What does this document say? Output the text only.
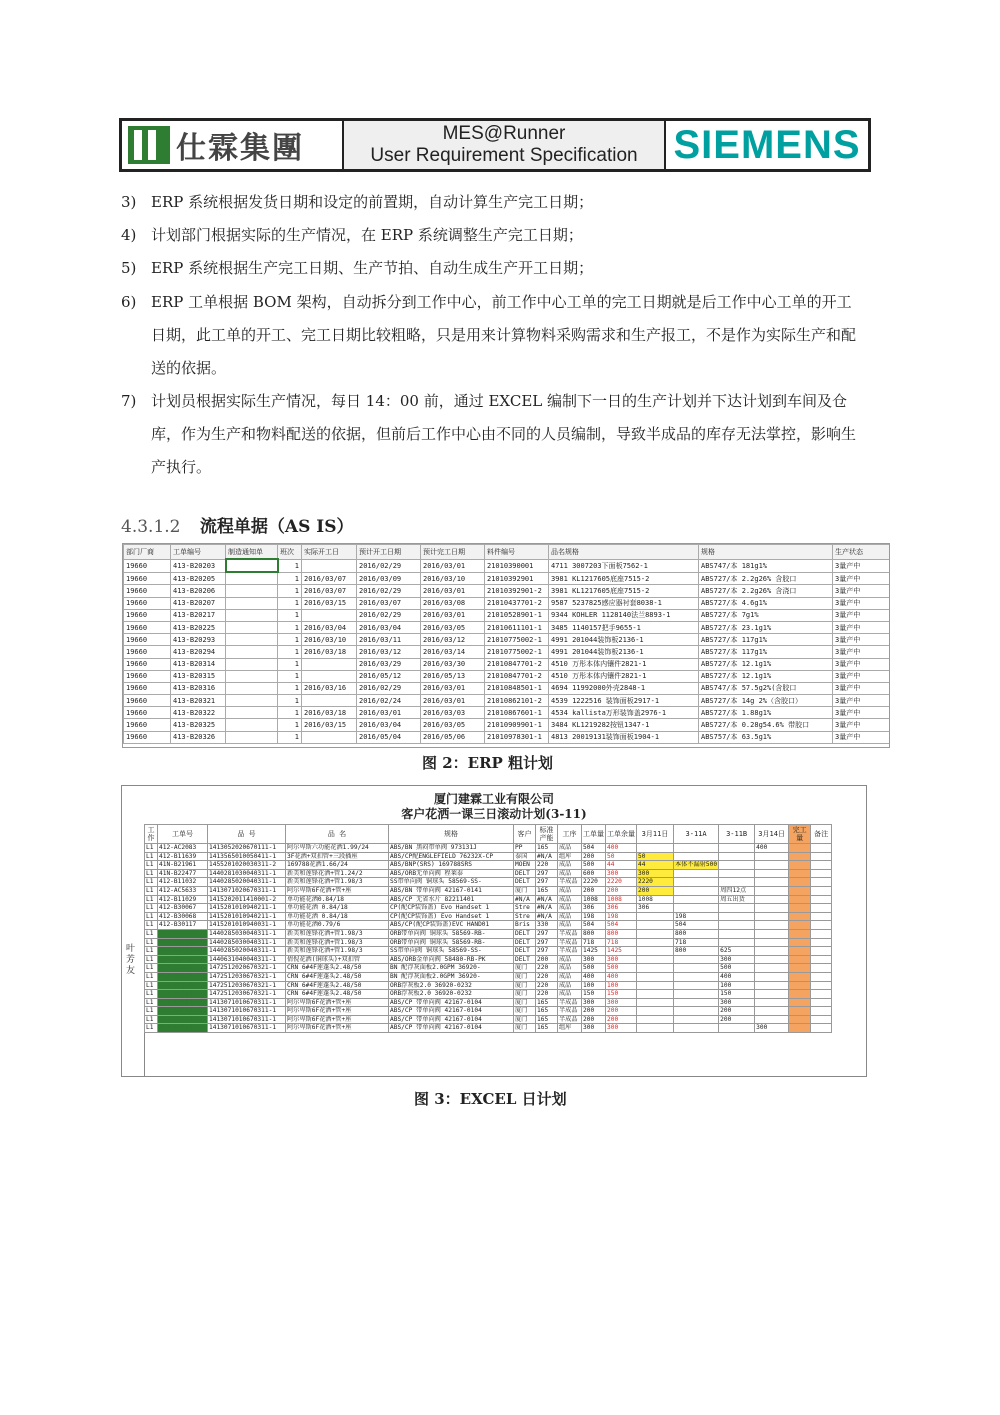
仕霖集團	MES@Runner
User Requirement Specification SIEMENS
3) ERP 系统根据发货日期和设定的前置期，自动计算生产完工日期；
4) 计划部门根据实际的生产情况，在 ERP 系统调整生产完工日期；
5) ERP 系统根据生产完工日期、生产节拍、自动生成生产开工日期；
6) ERP 工单根据 BOM 架构，自动拆分到工作中心，前工作中心工单的完工日期就是后工作中心工单的开工日期，此工单的开工、完工日期比较粗略，只是用来计算物料采购需求和生产报工，不是作为实际生产和配送的依据。
7) 计划员根据实际生产情况，每日 14：00 前，通过 EXCEL 编制下一日的生产计划并下达计划到车间及仓库，作为生产和物料配送的依据，但前后工作中心由不同的人员编制，导致半成品的库存无法掌控，影响生产执行。
4.3.1.2 流程单据（AS IS）
部门厂商	工单编号	制造通知单	班次	实际开工日	预计开工日期	预计完工日期	料件编号	品名规格	规格	生产状态
19660	413-B20203		1		2016/02/29	2016/03/01	21010390001	4711 3007203下面板7562-1	ABS747/本 181g1%	3量产中
19660	413-B20205		1	2016/03/07	2016/03/09	2016/03/10	21010392901	3981 KL1217605底座7515-2	ABS727/本 2.2g26% 含胶口	3量产中
19660	413-B20206		1	2016/03/07	2016/02/29	2016/03/01	21010392901-2	3981 KL1217605底座7515-2	ABS727/本 2.2g26% 含浇口	3量产中
19660	413-B20207		1	2016/03/15	2016/03/07	2016/03/08	21010437701-2	9587 5237825感应器衬套8038-1	ABS727/本 4.6g1%	3量产中
19660	413-B20217		1		2016/02/29	2016/03/01	21010528901-1	9344 KOHLER 1128140法兰8893-1	ABS727/本 7g1%	3量产中
19660	413-B20225		1	2016/03/04	2016/03/04	2016/03/05	21010611101-1	3485 1140157把手9655-1	ABS727/本 23.1g1%	3量产中
19660	413-B20293		1	2016/03/10	2016/03/11	2016/03/12	21010775002-1	4991 201044装饰板2136-1	ABS727/本 117g1%	3量产中
19660	413-B20294		1	2016/03/18	2016/03/12	2016/03/14	21010775002-1	4991 201044装饰板2136-1	ABS727/本 117g1%	3量产中
19660	413-B20314		1		2016/03/29	2016/03/30	21010847701-2	4510 万彤本体内镶件2821-1	ABS727/本 12.1g1%	3量产中
19660	413-B20315		1		2016/05/12	2016/05/13	21010847701-2	4510 万彤本体内镶件2821-1	ABS727/本 12.1g1%	3量产中
19660	413-B20316		1	2016/03/16	2016/02/29	2016/03/01	21010848501-1	4694 11992000外壳2848-1	ABS747/本 57.5g2%(含胶口	3量产中
19660	413-B20321		1		2016/02/24	2016/03/01	21010862101-2	4539 1222516 装饰面板2917-1	ABS727/本 14g 2%（含胶口）	3量产中
19660	413-B20322		1	2016/03/18	2016/03/01	2016/03/03	21010867601-1	4534 kallista万形装饰盖2976-1	ABS727/本 1.88g1%	3量产中
19660	413-B20325		1	2016/03/15	2016/03/04	2016/03/05	21010909901-1	3484 KL1219282按钮1347-1	ABS727/本 0.28g54.6% 带胶口	3量产中
19660	413-B20326		1		2016/05/04	2016/05/06	21010978301-1	4813 20019131装饰面板1904-1	ABS757/本 63.5g1%	3量产中
图 2：ERP 粗计划
厦门建霖工业有限公司
客户花洒一课三日滚动计划(3-11)
叶芳友
工作	工单号	品 号	品 名	规格	客户	标准产能	工序	工单量	工单余量	3月11日	3-11A	3-11B	3月14日	完工量	备注
L1	412-AC2083	1413052020670111-1	阿尔卑斯六功能花洒1.99/24	ABS/BN 黑闷带单阀 973131J	PP	165	成品	504	400				400		
L1	412-B11639	1413565010050411-1	3F花洒+双扣管+三段插座	ABS/CP配ENGLEFIELD 76232X-CP	泰国	#N/A	组库	200	50	50					
L1	41N-B21961	1455201020030311-2	169788花洒1.66/24	ABS/BNP(SRS) 169788SRS	MOEN	220	成品	500	44	44	本体不漏射500				
L1	41N-B22477	1440281030040311-1	新美和莲锋花洒+管1.24/2	ABS/ORB无单向阀 程莱泰	DELT	297	成品	600	300	300					
L1	412-B11032	1440285020040311-1	新美和莲锋花洒+管1.98/3	SS带单向阀 铜球头 58569-SS-	DELT	297	半成品	2220	2220	2220					
L1	412-AC5633	1413071020670311-1	阿尔卑斯6F花洒+管+座	ABS/BN 带单向阀 42167-0141	厦门	165	成品	200	200	200		周四12点			
L1	412-B11029	1415202011410001-2	单功能花洒0.84/18	ABS/CP 无省水片 82211401	#N/A	#N/A	成品	1008	1008	1008		周五出货			
L1	412-B30067	1415201010940211-1	单功能花洒 0.84/18	CP(配CP装饰盖) Evo Handset 1	Stre	#N/A	成品	306	306	306					
L1	412-B30068	1415201010940211-1	单功能花洒 0.84/18	CP(配CP装饰盖) Evo Handset 1	Stre	#N/A	成品	198	198		198				
L1	412-B30117	1415201010940031-1	单功能花洒0.79/6	ABS/CP(配CP装饰盖)EVC HAND01	Bris	330	成品	504	504		504				
L1	412-B30989	1440285030040311-1	新美和莲锋花洒+管1.98/3	ORB带单向阀 铜球头 58569-RB-	DELT	297	半成品	800	800		800				
L1	412-B30990	1440285030040311-1	新美和莲锋花洒+管1.98/3	ORB带单向阀 铜球头 58569-RB-	DELT	297	半成品	718	718		718				
L1	412-B31033	1440285020040311-1	新美和莲锋花洒+管1.98/3	SS带单向阀 铜球头 58569-SS-	DELT	297	半成品	1425	1425		800	625			
L1	412-B21153	1440631040040311-1	倩倪花洒(铜球头)+双扣管	ABS/ORB金单向阀 58480-RB-PK	DELT	200	成品	300	300			300			
L1	412-AC3897	1472512020670321-1	CRN 6#4F莲蓬头2.48/50	BN 配浮灰面板2.0GPM 36920-	厦门	220	成品	500	500			500			
L1	412-AC5721	1472512030670321-1	CRN 6#4F莲蓬头2.48/50	BN 配浮灰面板2.0GPM 36920-	厦门	220	成品	400	400			400			
L1	412-AC3600	1472512030670321-1	CRN 6#4F莲蓬头2.48/50	ORB浮灰板2.0 36920-0232	厦门	220	成品	100	100			100			
L1	412-B12537	1472512030670321-1	CRN 6#4F莲蓬头2.48/50	ORB浮灰板2.0 36920-0232	厦门	220	成品	150	150			150			
L1	412-B21832	1413071010670311-1	阿尔卑斯6F花洒+管+座	ABS/CP 带单向阀 42167-0104	厦门	165	半成品	300	300			300			
L1	412-B21133	1413071010670311-1	阿尔卑斯6F花洒+管+座	ABS/CP 带单向阀 42167-0104	厦门	165	半成品	200	200			200			
L1	412-B21134	1413071010670311-1	阿尔卑斯6F花洒+管+座	ABS/CP 带单向阀 42167-0104	厦门	165	半成品	200	200			200			
L1	412-B22032	1413071010670311-1	阿尔卑斯6F花洒+管+座	ABS/CP 带单向阀 42167-0104	厦门	165	组库	300	300				300		
图 3：EXCEL 日计划
